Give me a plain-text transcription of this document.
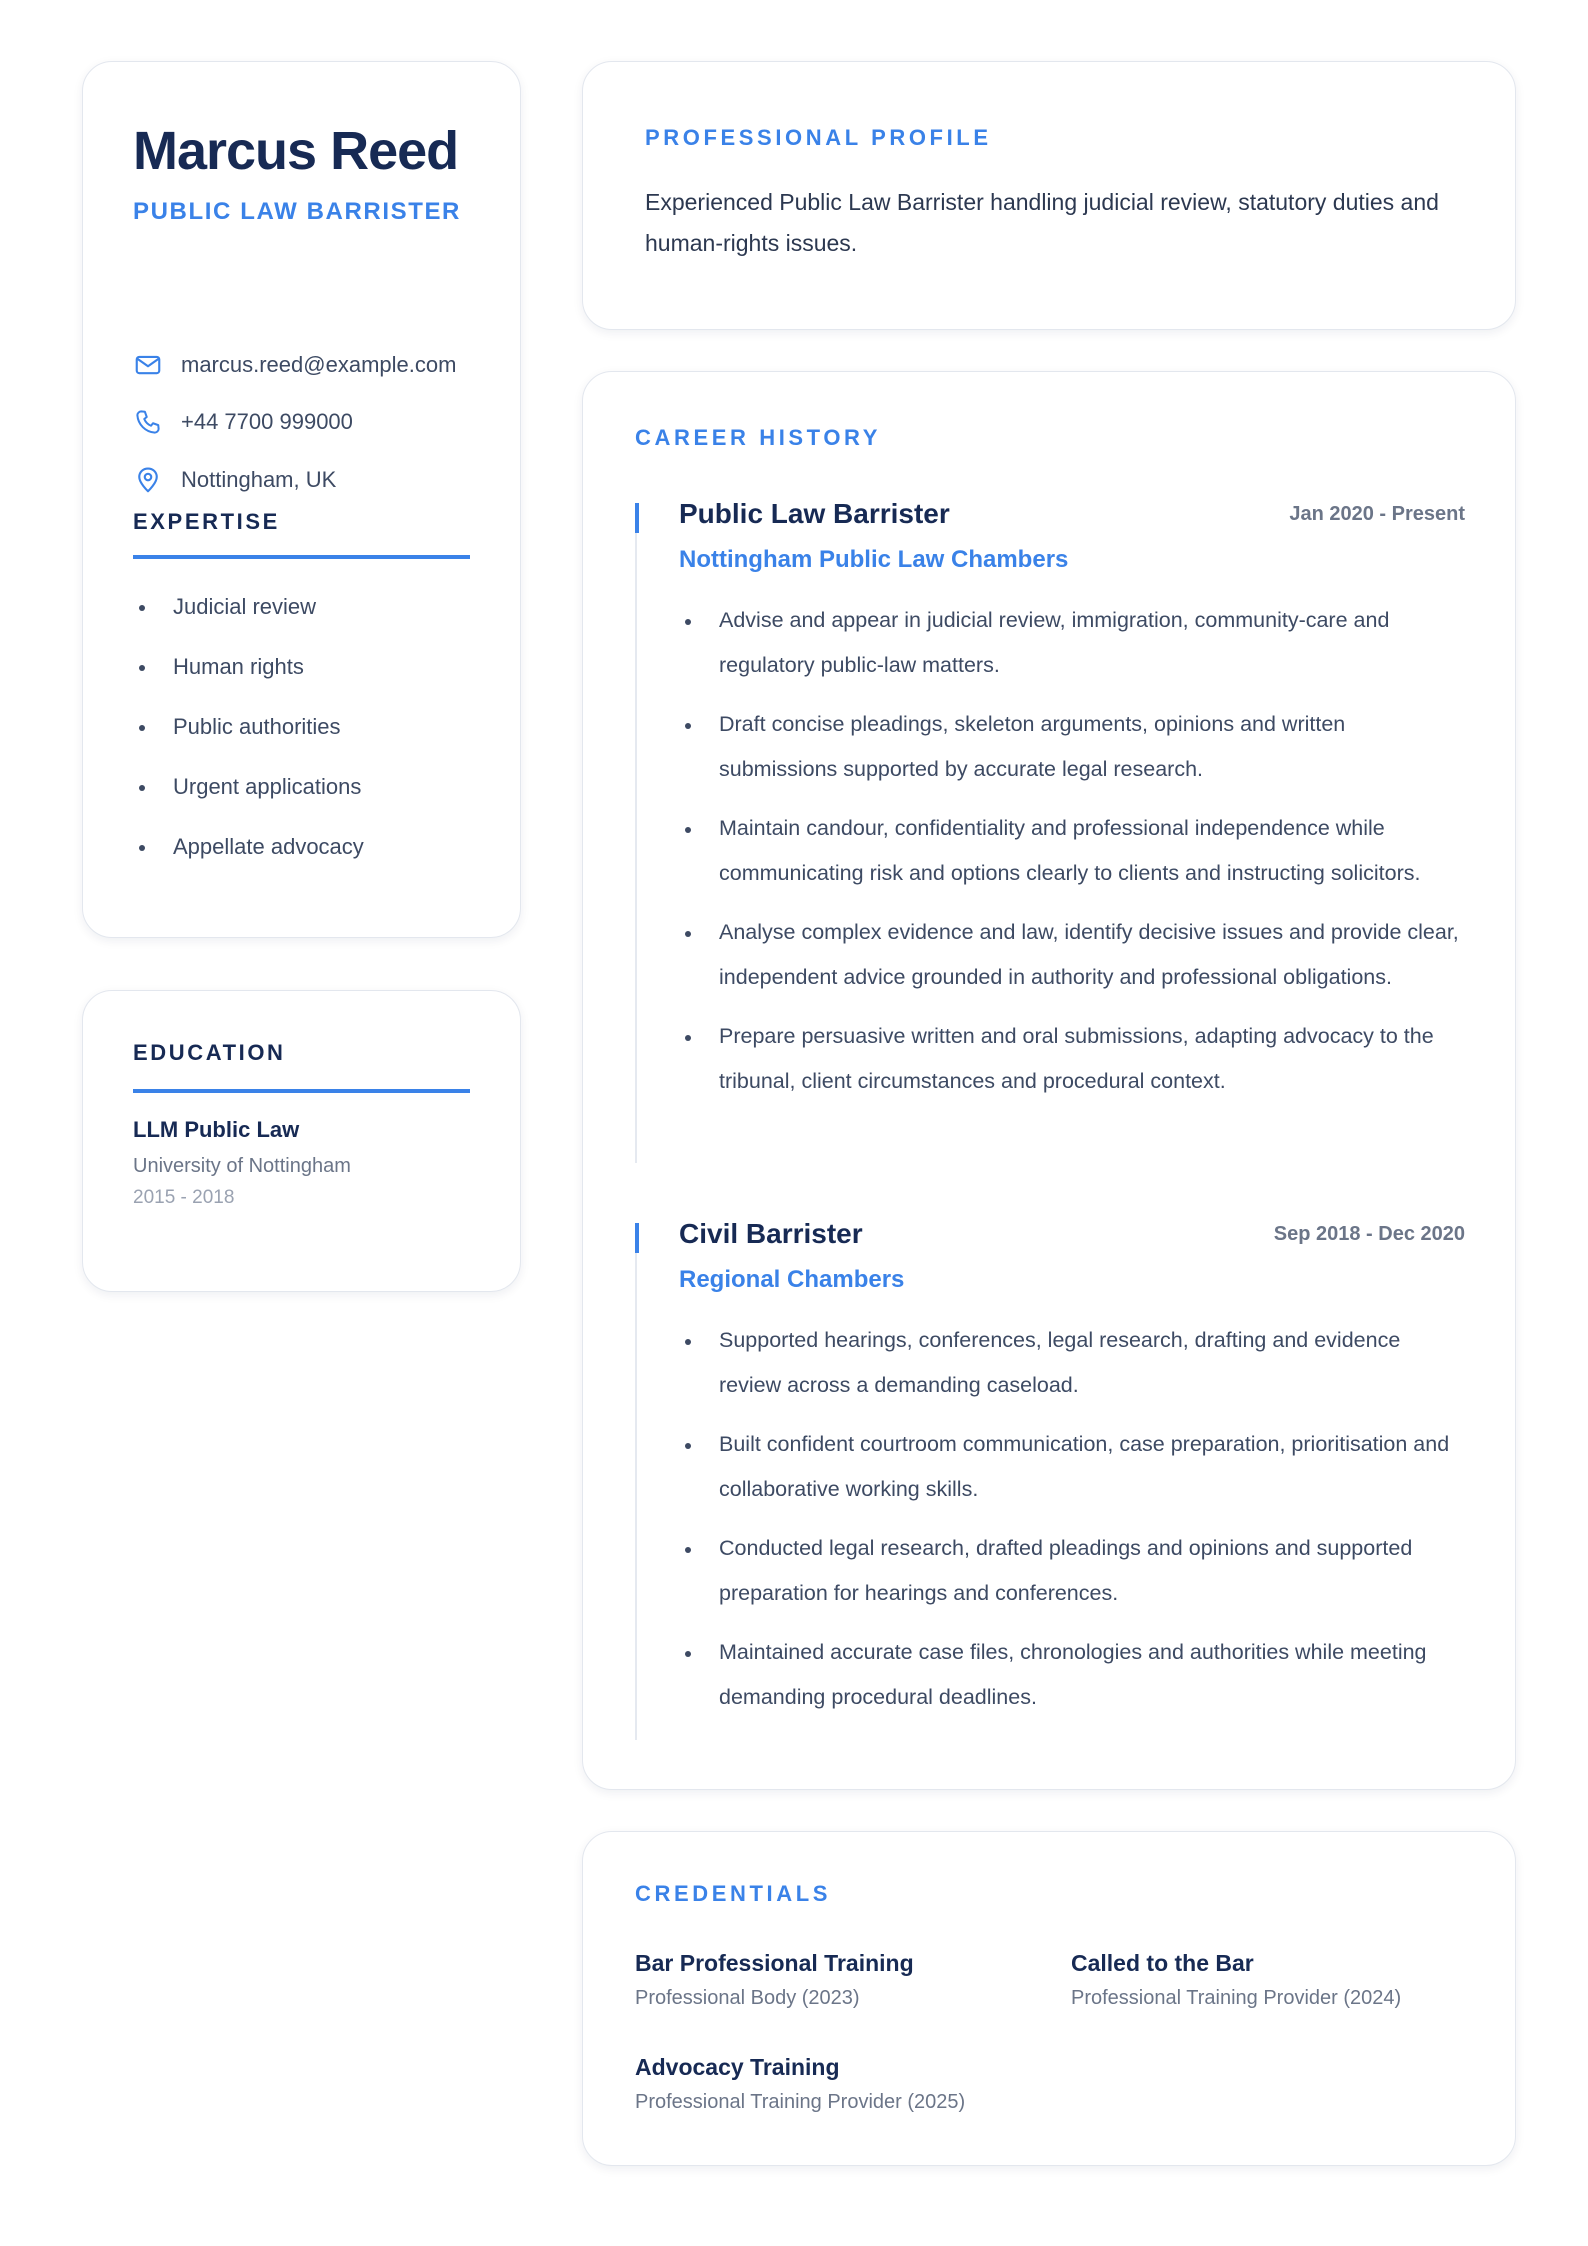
Marcus Reed
PUBLIC LAW BARRISTER
marcus.reed@example.com
+44 7700 999000
Nottingham, UK
EXPERTISE
Judicial review
Human rights
Public authorities
Urgent applications
Appellate advocacy
EDUCATION
LLM Public Law
University of Nottingham
2015 - 2018
PROFESSIONAL PROFILE
Experienced Public Law Barrister handling judicial review, statutory duties and human-rights issues.
CAREER HISTORY
Public Law Barrister	Jan 2020 - Present
Nottingham Public Law Chambers
Advise and appear in judicial review, immigration, community-care and regulatory public-law matters.
Draft concise pleadings, skeleton arguments, opinions and written submissions supported by accurate legal research.
Maintain candour, confidentiality and professional independence while communicating risk and options clearly to clients and instructing solicitors.
Analyse complex evidence and law, identify decisive issues and provide clear, independent advice grounded in authority and professional obligations.
Prepare persuasive written and oral submissions, adapting advocacy to the tribunal, client circumstances and procedural context.
Civil Barrister	Sep 2018 - Dec 2020
Regional Chambers
Supported hearings, conferences, legal research, drafting and evidence review across a demanding caseload.
Built confident courtroom communication, case preparation, prioritisation and collaborative working skills.
Conducted legal research, drafted pleadings and opinions and supported preparation for hearings and conferences.
Maintained accurate case files, chronologies and authorities while meeting demanding procedural deadlines.
CREDENTIALS
Bar Professional Training
Professional Body (2023)
Called to the Bar
Professional Training Provider (2024)
Advocacy Training
Professional Training Provider (2025)
